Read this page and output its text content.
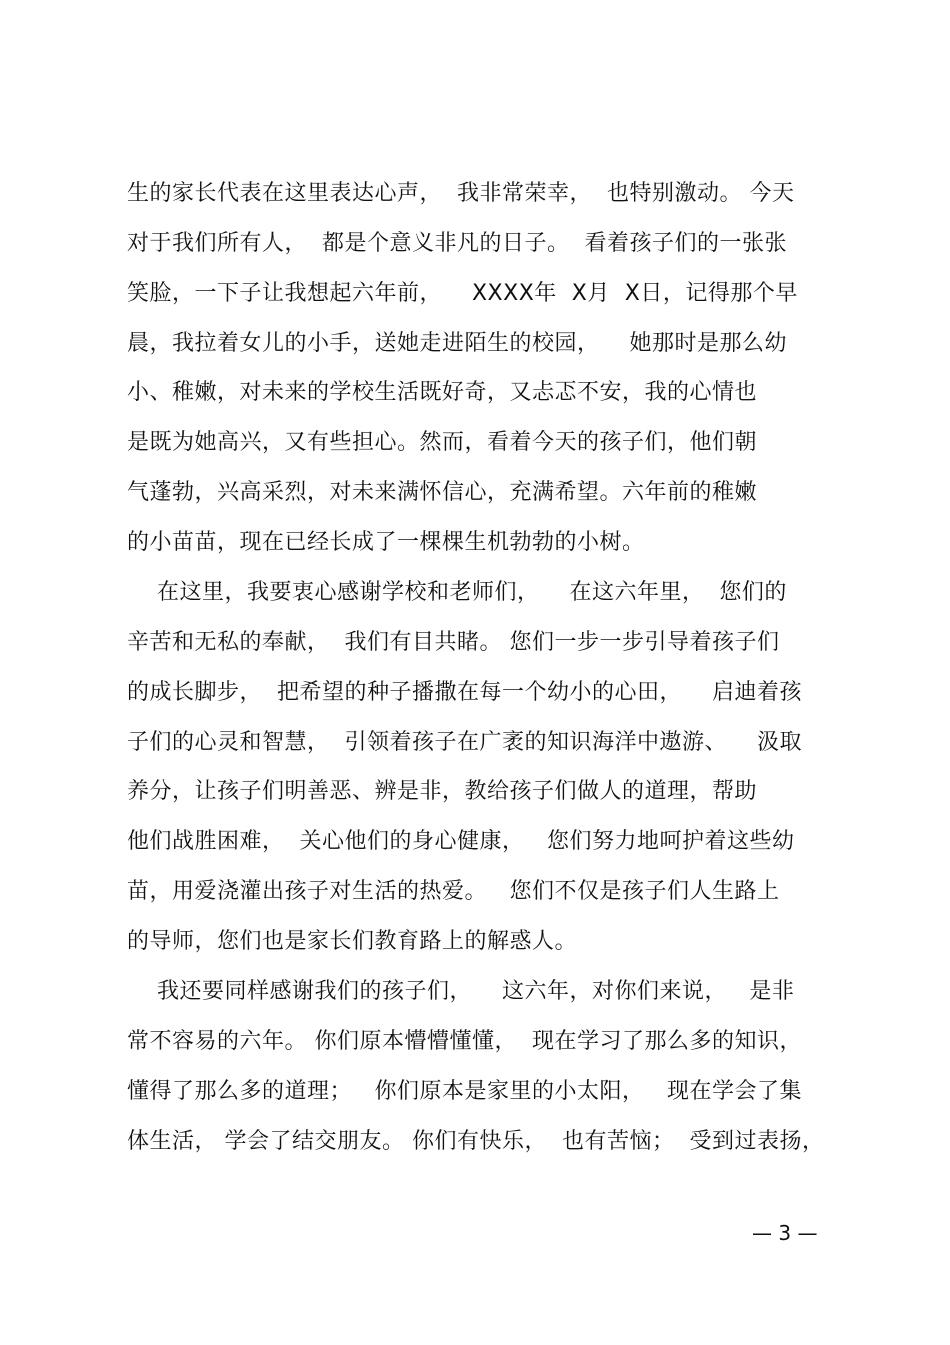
生的家长代表在这里表达心声，  我非常荣幸，  也特别激动。 今天
对于我们所有人，  都是个意义非凡的日子。  看着孩子们的一张张
笑脸，一下子让我想起六年前，    XXXX年  X月  X日，记得那个早
晨，我拉着女儿的小手，送她走进陌生的校园，    她那时是那么幼
小、稚嫩，对未来的学校生活既好奇，又忐忑不安，我的心情也
是既为她高兴，又有些担心。然而，看着今天的孩子们，他们朝
气蓬勃，兴高采烈，对未来满怀信心，充满希望。六年前的稚嫩
的小苗苗，现在已经长成了一棵棵生机勃勃的小树。
在这里，我要衷心感谢学校和老师们，    在这六年里，  您们的
辛苦和无私的奉献，  我们有目共睹。 您们一步一步引导着孩子们
的成长脚步，  把希望的种子播撒在每一个幼小的心田，    启迪着孩
子们的心灵和智慧，  引领着孩子在广袤的知识海洋中遨游、    汲取
养分，让孩子们明善恶、辨是非，教给孩子们做人的道理，帮助
他们战胜困难，  关心他们的身心健康，   您们努力地呵护着这些幼
苗，用爱浇灌出孩子对生活的热爱。   您们不仅是孩子们人生路上
的导师，您们也是家长们教育路上的解惑人。
我还要同样感谢我们的孩子们，    这六年，对你们来说，   是非
常不容易的六年。 你们原本懵懵懂懂，  现在学习了那么多的知识，
懂得了那么多的道理；   你们原本是家里的小太阳，   现在学会了集
体生活， 学会了结交朋友。 你们有快乐，  也有苦恼；  受到过表扬，
— 3 —
